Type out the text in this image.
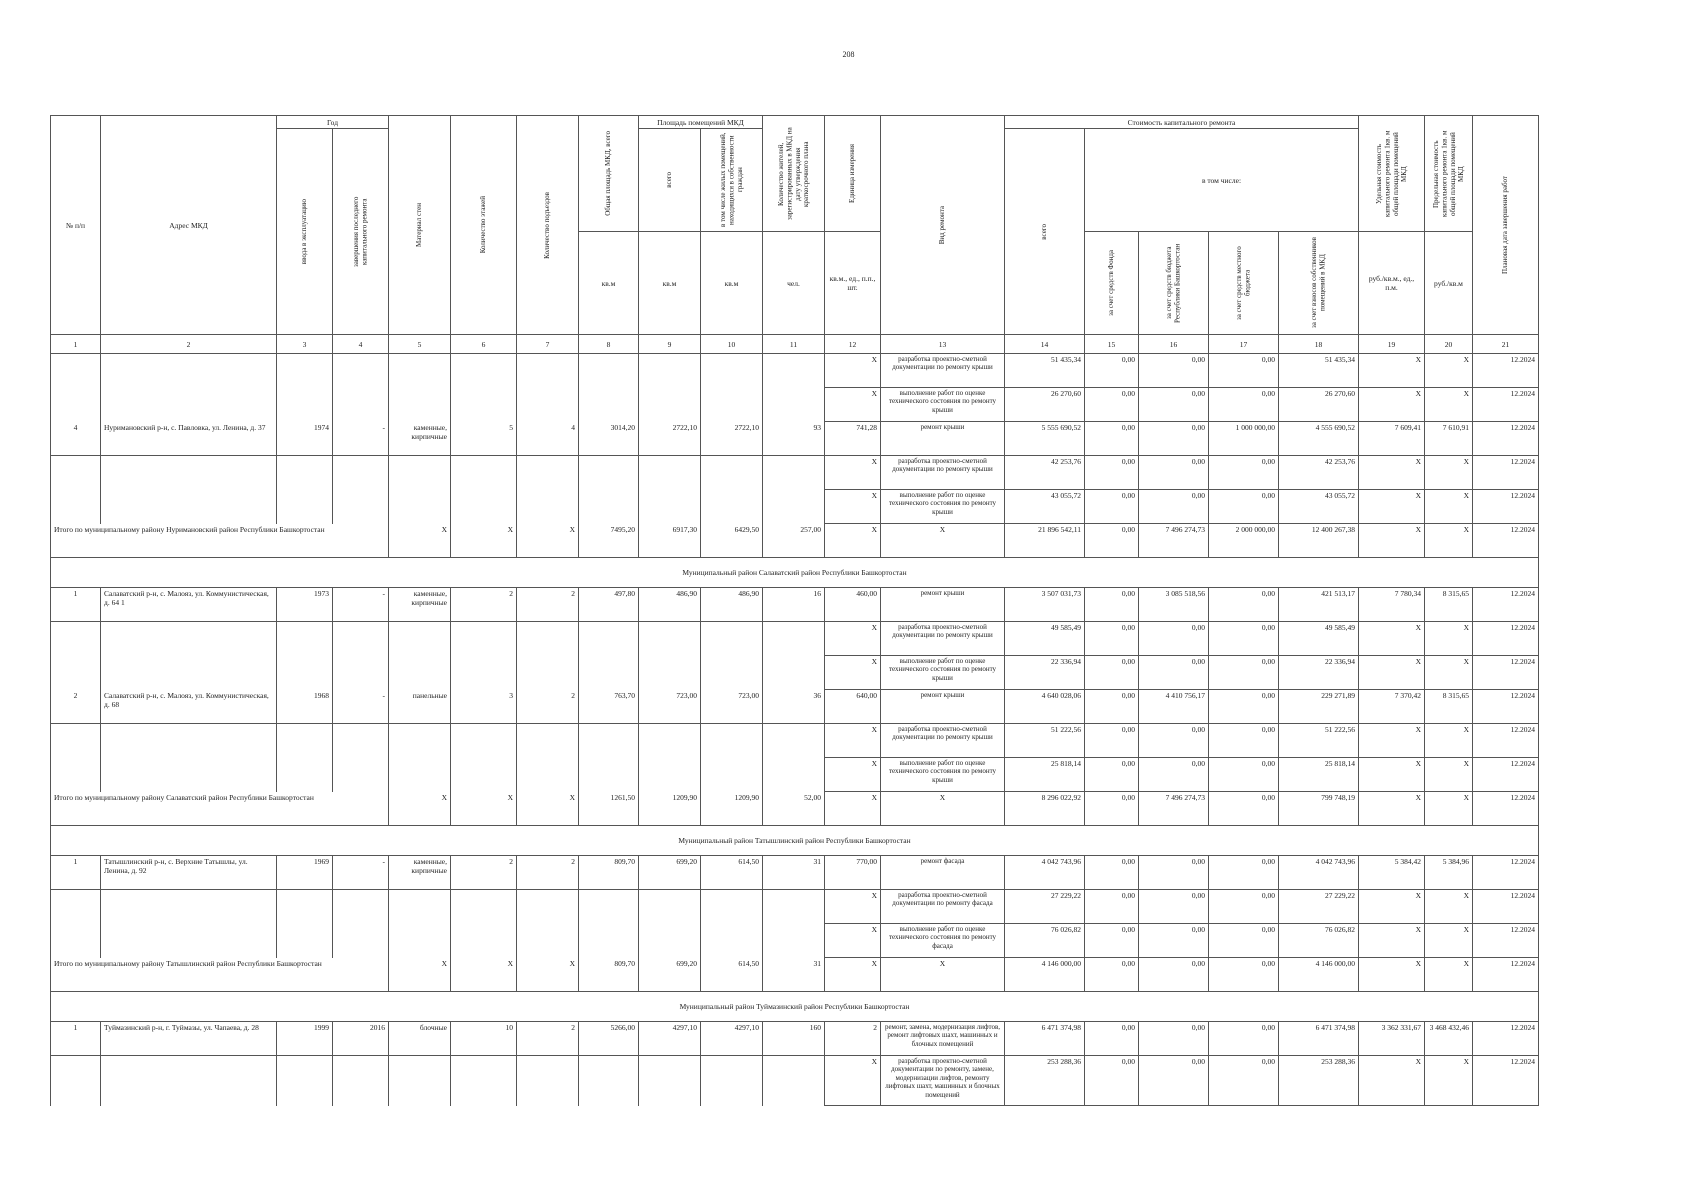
208
№ п/п	Адрес МКД	Год		Материал стен	Количество этажей	Количество подъездов	Общая площадь МКД, всего	Площадь помещений МКД		Количество жителей, зарегистрированных в МКД на дату утверждения краткосрочного плана	Единица измерения	Вид ремонта	Стоимость капитального ремонта					Удельная стоимость капитального ремонта 1кв. м общей площади помещений МКД	Предельная стоимость капитального ремонта 1кв. м общей площади помещений МКД	Плановая дата завершения работ

		ввода в эксплуатацию	завершения последнего капитального ремонта					всего	в том числе жилых помещений, находящихся в собственности граждан				всего	в том числе:						
							кв.м	кв.м	кв.м	чел.	кв.м., ед., п.п., шт.			за счет средств Фонда	за счет средств бюджета Республики Башкортостан	за счет средств местного бюджета	за счет взносов собственников помещений в МКД	руб./кв.м., ед., п.м.	руб./кв.м	
1	2	3	4	5	6	7	8	9	10	11	12	13	14	15	16	17	18	19	20	21
											X	разработка проектно-сметной документации по ремонту крыши	51 435,34	0,00	0,00	0,00	51 435,34	X	X	12.2024
											X	выполнение работ по оценке технического состояния по ремонту крыши	26 270,60	0,00	0,00	0,00	26 270,60	X	X	12.2024
4	Нуримановский р-н, с. Павловка, ул. Ленина, д. 37	1974	-	каменные, кирпичные	5	4	3014,20	2722,10	2722,10	93	741,28	ремонт крыши	5 555 690,52	0,00	0,00	1 000 000,00	4 555 690,52	7 609,41	7 610,91	12.2024
											X	разработка проектно-сметной документации по ремонту крыши	42 253,76	0,00	0,00	0,00	42 253,76	X	X	12.2024
											X	выполнение работ по оценке технического состояния по ремонту крыши	43 055,72	0,00	0,00	0,00	43 055,72	X	X	12.2024
Итого по муниципальному району Нуримановский район Республики Башкортостан				X	X	X	7495,20	6917,30	6429,50	257,00	X	X	21 896 542,11	0,00	7 496 274,73	2 000 000,00	12 400 267,38	X	X	12.2024
Муниципальный район Салаватский район Республики Башкортостан																				
1	Салаватский р-н, с. Малояз, ул. Коммунистическая, д. 64 1	1973	-	каменные, кирпичные	2	2	497,80	486,90	486,90	16	460,00	ремонт крыши	3 507 031,73	0,00	3 085 518,56	0,00	421 513,17	7 780,34	8 315,65	12.2024
											X	разработка проектно-сметной документации по ремонту крыши	49 585,49	0,00	0,00	0,00	49 585,49	X	X	12.2024
											X	выполнение работ по оценке технического состояния по ремонту крыши	22 336,94	0,00	0,00	0,00	22 336,94	X	X	12.2024
2	Салаватский р-н, с. Малояз, ул. Коммунистическая, д. 68	1968	-	панельные	3	2	763,70	723,00	723,00	36	640,00	ремонт крыши	4 640 028,06	0,00	4 410 756,17	0,00	229 271,89	7 370,42	8 315,65	12.2024
											X	разработка проектно-сметной документации по ремонту крыши	51 222,56	0,00	0,00	0,00	51 222,56	X	X	12.2024
											X	выполнение работ по оценке технического состояния по ремонту крыши	25 818,14	0,00	0,00	0,00	25 818,14	X	X	12.2024
Итого по муниципальному району Салаватский район Республики Башкортостан				X	X	X	1261,50	1209,90	1209,90	52,00	X	X	8 296 022,92	0,00	7 496 274,73	0,00	799 748,19	X	X	12.2024
Муниципальный район Татышлинский район Республики Башкортостан																				
1	Татышлинский р-н, с. Верхние Татышлы, ул. Ленина, д. 92	1969	-	каменные, кирпичные	2	2	809,70	699,20	614,50	31	770,00	ремонт фасада	4 042 743,96	0,00	0,00	0,00	4 042 743,96	5 384,42	5 384,96	12.2024
											X	разработка проектно-сметной документации по ремонту фасада	27 229,22	0,00	0,00	0,00	27 229,22	X	X	12.2024
											X	выполнение работ по оценке технического состояния по ремонту фасада	76 026,82	0,00	0,00	0,00	76 026,82	X	X	12.2024
Итого по муниципальному району Татышлинский район Республики Башкортостан				X	X	X	809,70	699,20	614,50	31	X	X	4 146 000,00	0,00	0,00	0,00	4 146 000,00	X	X	12.2024
Муниципальный район Туймазинский район Республики Башкортостан																				
1	Туймазинский р-н, г. Туймазы, ул. Чапаева, д. 28	1999	2016	блочные	10	2	5266,00	4297,10	4297,10	160	2	ремонт, замена, модернизация лифтов, ремонт лифтовых шахт, машинных и блочных помещений	6 471 374,98	0,00	0,00	0,00	6 471 374,98	3 362 331,67	3 468 432,46	12.2024
											X	разработка проектно-сметной документации по ремонту, замене, модернизации лифтов, ремонту лифтовых шахт, машинных и блочных помещений	253 288,36	0,00	0,00	0,00	253 288,36	X	X	12.2024
